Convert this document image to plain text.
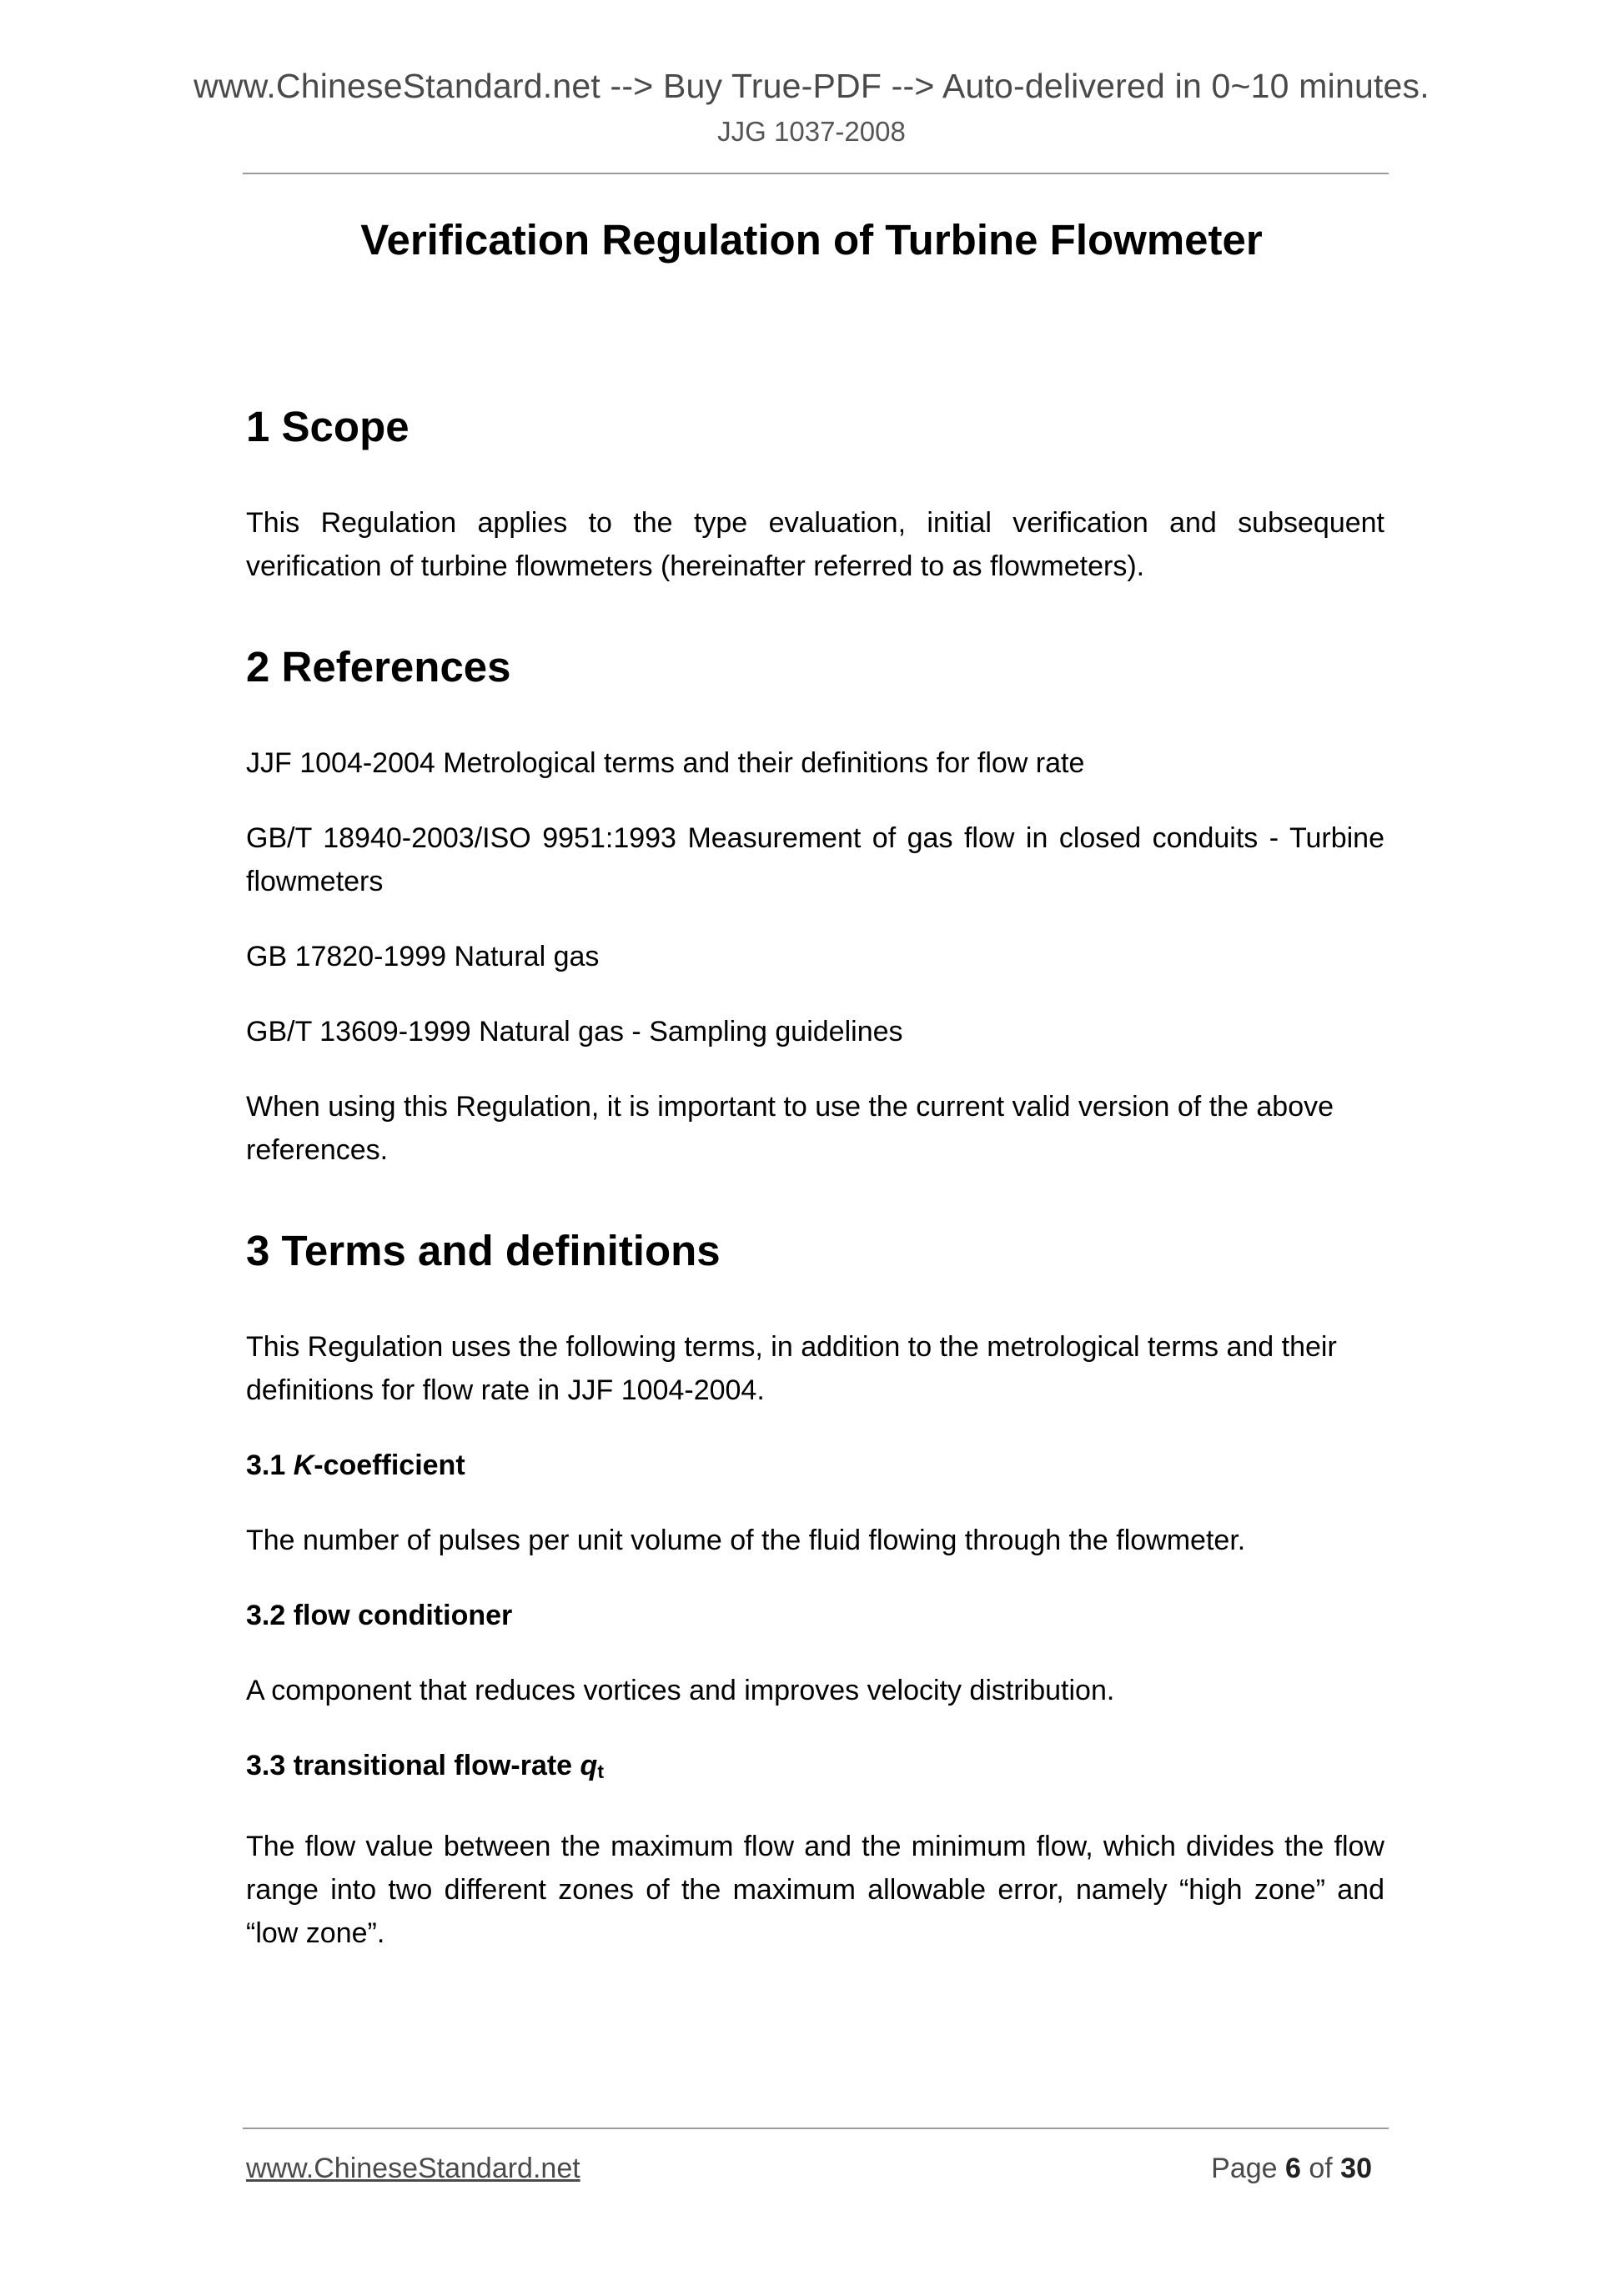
www.ChineseStandard.net --> Buy True-PDF --> Auto-delivered in 0~10 minutes.
JJG 1037-2008
Verification Regulation of Turbine Flowmeter
1 Scope

This Regulation applies to the type evaluation, initial verification and subsequent verification of turbine flowmeters (hereinafter referred to as flowmeters).

2 References

JJF 1004-2004 Metrological terms and their definitions for flow rate

GB/T 18940-2003/ISO 9951:1993 Measurement of gas flow in closed conduits - Turbine flowmeters

GB 17820-1999 Natural gas

GB/T 13609-1999 Natural gas - Sampling guidelines

When using this Regulation, it is important to use the current valid version of the above references.

3 Terms and definitions

This Regulation uses the following terms, in addition to the metrological terms and their definitions for flow rate in JJF 1004-2004.

3.1 K-coefficient

The number of pulses per unit volume of the fluid flowing through the flowmeter.

3.2 flow conditioner

A component that reduces vortices and improves velocity distribution.

3.3 transitional flow-rate $q_t$

The flow value between the maximum flow and the minimum flow, which divides the flow range into two different zones of the maximum allowable error, namely “high zone” and “low zone”.

www.ChineseStandard.net	Page 6 of 30
